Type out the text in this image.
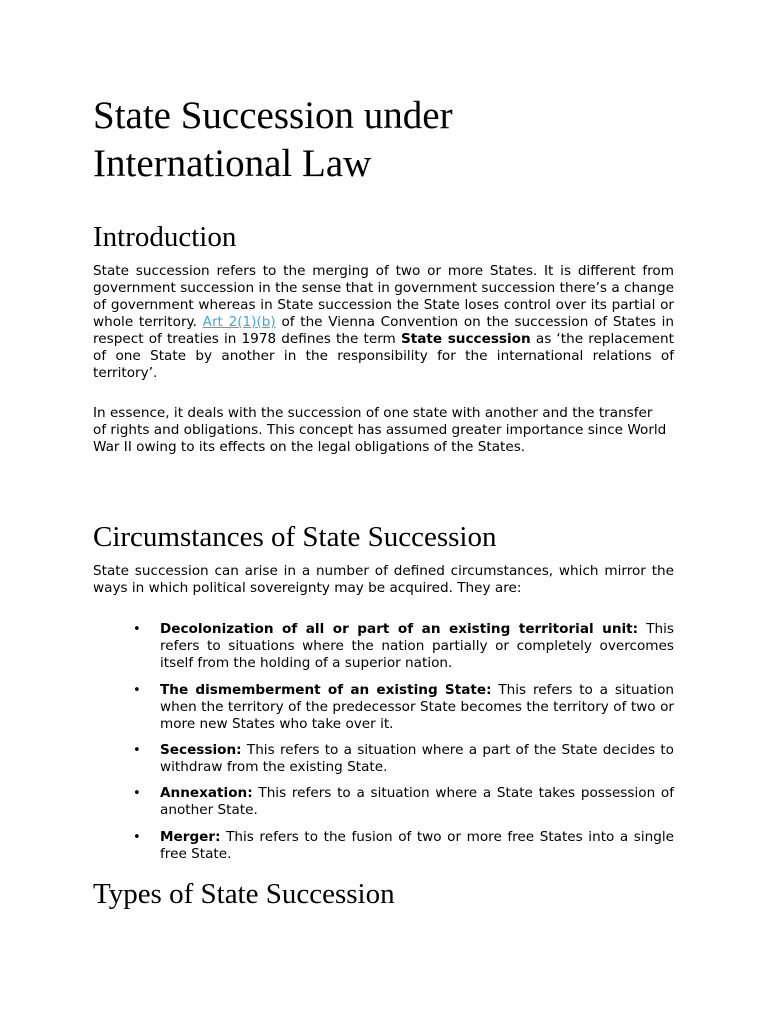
State Succession under International Law
Introduction

State succession refers to the merging of two or more States. It is different from government succession in the sense that in government succession there’s a change of government whereas in State succession the State loses control over its partial or whole territory. Art 2(1)(b) of the Vienna Convention on the succession of States in respect of treaties in 1978 defines the term State succession as ‘the replacement of one State by another in the responsibility for the international relations of territory’.

In essence, it deals with the succession of one state with another and the transfer of rights and obligations. This concept has assumed greater importance since World War II owing to its effects on the legal obligations of the States.

Circumstances of State Succession

State succession can arise in a number of defined circumstances, which mirror the ways in which political sovereignty may be acquired. They are:

•	Decolonization of all or part of an existing territorial unit: This refers to situations where the nation partially or completely overcomes itself from the holding of a superior nation.
•	The dismemberment of an existing State: This refers to a situation when the territory of the predecessor State becomes the territory of two or more new States who take over it.
•	Secession: This refers to a situation where a part of the State decides to withdraw from the existing State.
•	Annexation: This refers to a situation where a State takes possession of another State.
•	Merger: This refers to the fusion of two or more free States into a single free State.
Types of State Succession
